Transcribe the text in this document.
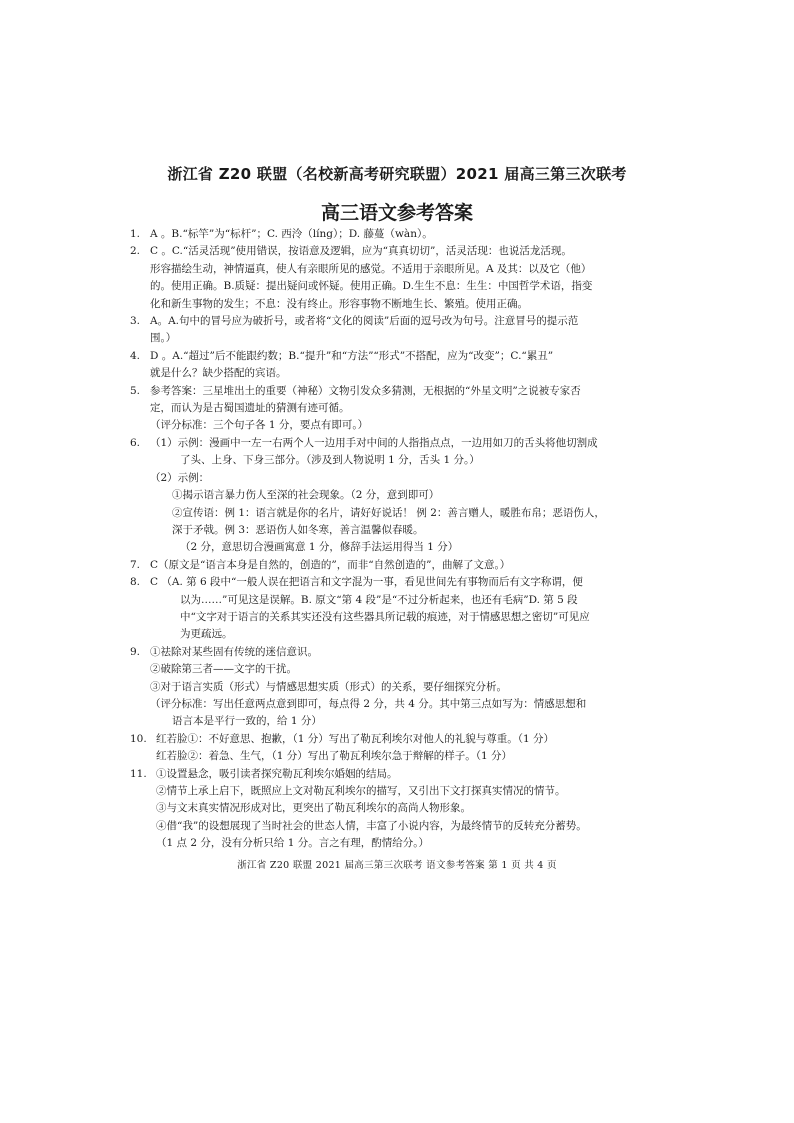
浙江省 Z20 联盟（名校新高考研究联盟）2021 届高三第三次联考
高三语文参考答案
1. A 。B.“标竿”为“标杆”；C. 西泠（líng）；D. 藤蔓（wàn）。
2. C 。C.“活灵活现”使用错误，按语意及逻辑，应为“真真切切”，活灵活现：也说活龙活现。
形容描绘生动，神情逼真，使人有亲眼所见的感觉。不适用于亲眼所见。A 及其：以及它（他）
的。使用正确。B.质疑：提出疑问或怀疑。使用正确。D.生生不息：生生：中国哲学术语，指变
化和新生事物的发生；不息：没有终止。形容事物不断地生长、繁殖。使用正确。
3. A。A.句中的冒号应为破折号，或者将“文化的阅读”后面的逗号改为句号。注意冒号的提示范
围。）
4. D 。A.“超过”后不能跟约数；B.“提升”和“方法”“形式”不搭配，应为“改变”；C.“累丑”
就是什么？缺少搭配的宾语。
5. 参考答案：三星堆出土的重要（神秘）文物引发众多猜测，无根据的“外星文明”之说被专家否
定，而认为是古蜀国遗址的猜测有迹可循。
（评分标准：三个句子各 1 分，要点有即可。）
6. （1）示例：漫画中一左一右两个人一边用手对中间的人指指点点，一边用如刀的舌头将他切割成
了头、上身、下身三部分。（涉及到人物说明 1 分，舌头 1 分。）
（2）示例：
①揭示语言暴力伤人至深的社会现象。（2 分，意到即可）
②宣传语：例 1：语言就是你的名片，请好好说话！ 例 2：善言赠人，暖胜布帛；恶语伤人，
深于矛戟。例 3：恶语伤人如冬寒，善言温馨似春暖。
（2 分，意思切合漫画寓意 1 分，修辞手法运用得当 1 分）
7. C（原文是“语言本身是自然的，创造的”，而非“自然创造的”，曲解了文意。）
8. C （A. 第 6 段中“一般人误在把语言和文字混为一事，看见世间先有事物而后有文字称谓，便
以为……”可见这是误解。B. 原文“第 4 段”是“不过分析起来，也还有毛病”D. 第 5 段
中“文字对于语言的关系其实还没有这些器具所记载的痕迹，对于情感思想之密切”可见应
为更疏远。
9. ①祛除对某些固有传统的迷信意识。
②破除第三者——文字的干扰。
③对于语言实质（形式）与情感思想实质（形式）的关系，要仔细探究分析。
（评分标准：写出任意两点意到即可，每点得 2 分，共 4 分。其中第三点如写为：情感思想和
语言本是平行一致的，给 1 分）
10. 红若脸①：不好意思、抱歉，（1 分）写出了勒瓦利埃尔对他人的礼貌与尊重。（1 分）
红若脸②：着急、生气，（1 分）写出了勒瓦利埃尔急于辩解的样子。（1 分）
11. ①设置悬念，吸引读者探究勒瓦利埃尔婚姻的结局。
②情节上承上启下，既照应上文对勒瓦利埃尔的描写，又引出下文打探真实情况的情节。
③与文末真实情况形成对比，更突出了勒瓦利埃尔的高尚人物形象。
④借“我”的设想展现了当时社会的世态人情，丰富了小说内容，为最终情节的反转充分蓄势。
（1 点 2 分，没有分析只给 1 分。言之有理，酌情给分。）
浙江省 Z20 联盟 2021 届高三第三次联考 语文参考答案 第 1 页 共 4 页
